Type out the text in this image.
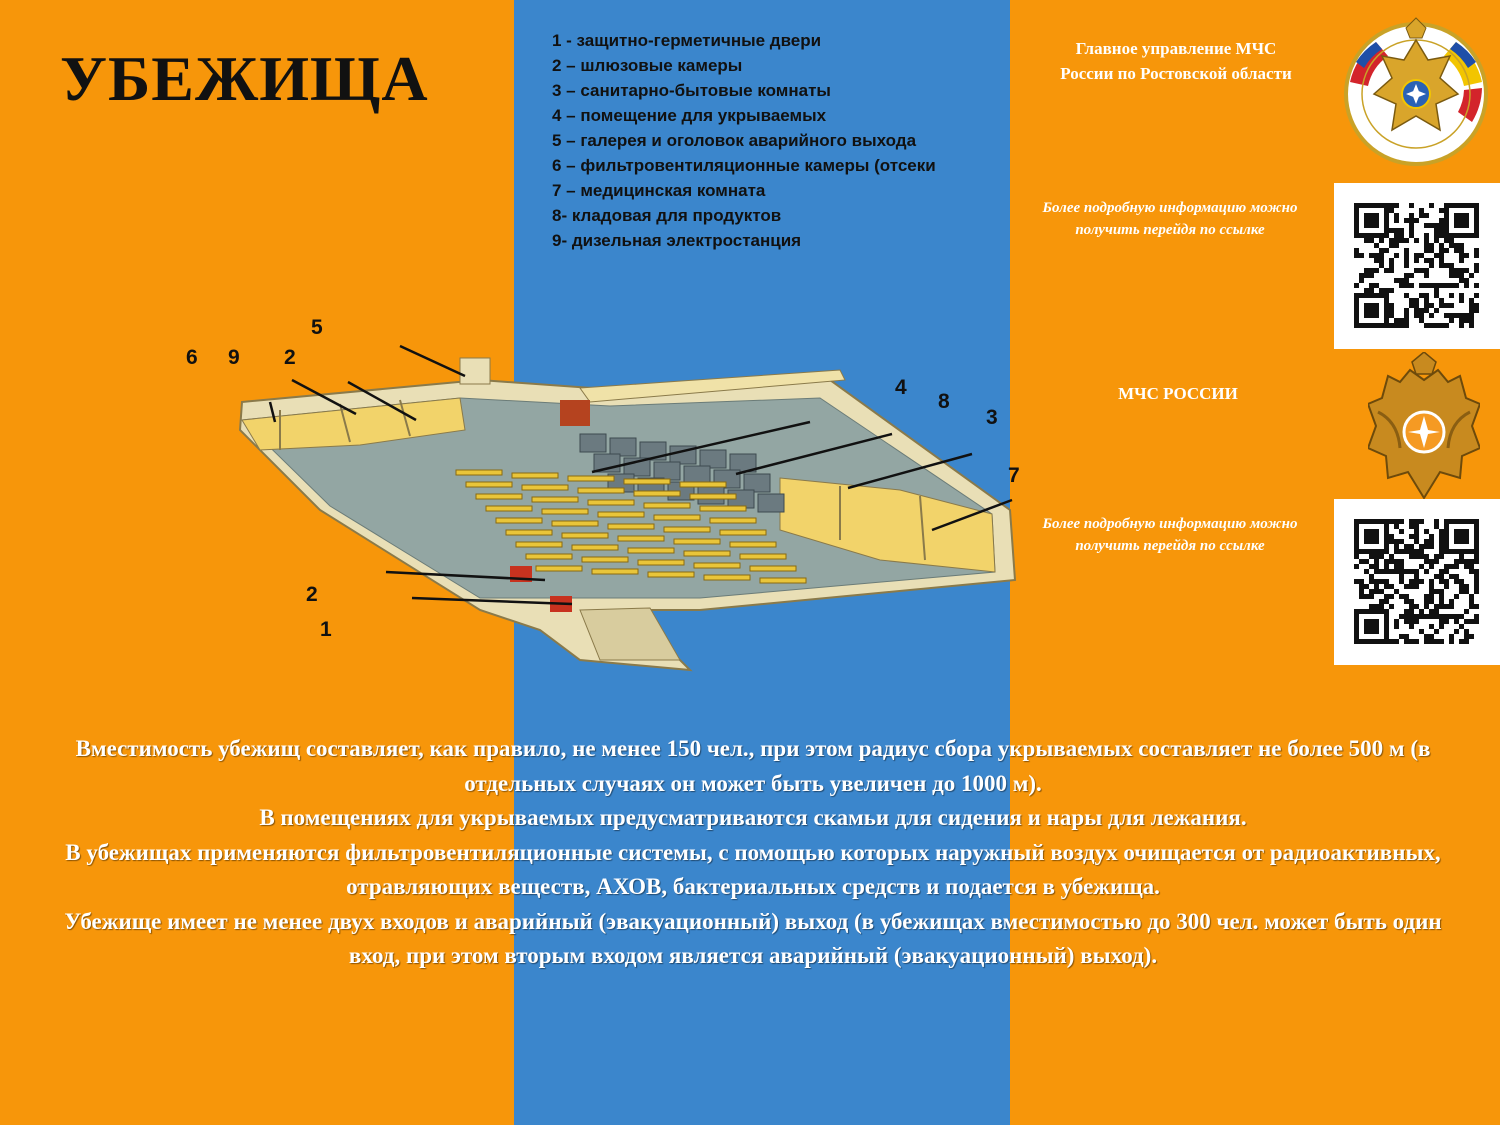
УБЕЖИЩА
1 - защитно-герметичные двери
2 – шлюзовые камеры
3 – санитарно-бытовые комнаты
4 – помещение для укрываемых
5 – галерея и оголовок аварийного выхода
6 – фильтровентиляционные камеры (отсеки
7 – медицинская комната
8- кладовая для продуктов
9- дизельная электростанция
Главное управление МЧС
России по Ростовской области
Более подробную информацию можно получить перейдя по ссылке
МЧС РОССИИ
Более подробную информацию можно получить перейдя по ссылке
5
6 9 2
4
8
3
7
2
1
Вместимость убежищ составляет, как правило, не менее 150 чел., при этом радиус сбора укрываемых составляет не более 500 м (в отдельных случаях он может быть увеличен до 1000 м).
В помещениях для укрываемых предусматриваются скамьи для сидения и нары для лежания.
В убежищах применяются фильтровентиляционные системы, с помощью которых наружный воздух очищается от радиоактивных, отравляющих веществ, АХОВ, бактериальных средств и подается в убежища.
Убежище имеет не менее двух входов и аварийный (эвакуационный) выход (в убежищах вместимостью до 300 чел. может быть один вход, при этом вторым входом является аварийный (эвакуационный) выход).
